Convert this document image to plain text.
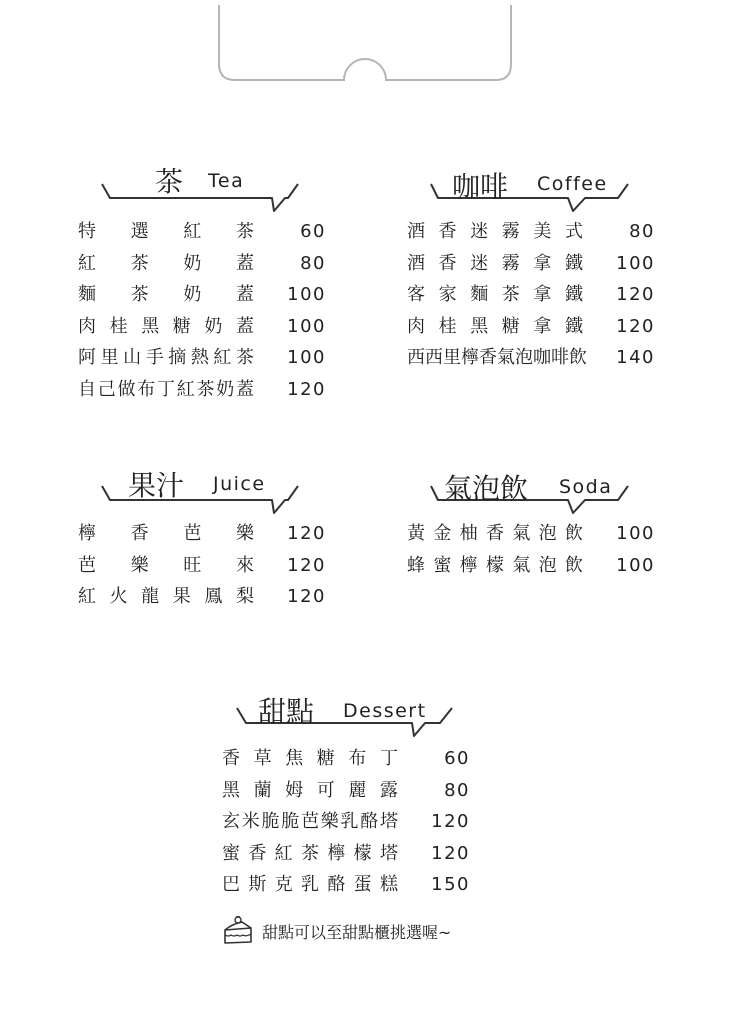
茶 Tea
特 選 紅 茶	60
紅 茶 奶 蓋	80
麵 茶 奶 蓋 100
肉 桂 黑 糖 奶 蓋 100
阿 里 山 手 摘 熱 紅 茶 100
自 己 做 布 丁 紅 茶 奶 蓋 120
咖啡 Coffee
酒 香 迷 霧 美 式	80
酒 香 迷 霧 拿 鐵 100
客 家 麵 茶 拿 鐵 120
肉 桂 黑 糖 拿 鐵 120
西 西 里 檸 香 氣 泡 咖 啡 飲 140
果汁 Juice
檸 香 芭 樂 120
芭 樂 旺 來 120
紅 火 龍 果 鳳 梨 120
氣泡飲 Soda
黃 金 柚 香 氣 泡 飲 100
蜂 蜜 檸 檬 氣 泡 飲 100
甜點 Dessert
香 草 焦 糖 布 丁	60
黑 蘭 姆 可 麗 露	80
玄 米 脆 脆 芭 樂 乳 酪 塔 120
蜜 香 紅 茶 檸 檬 塔 120
巴 斯 克 乳 酪 蛋 糕 150
甜點可以至甜點櫃挑選喔~
